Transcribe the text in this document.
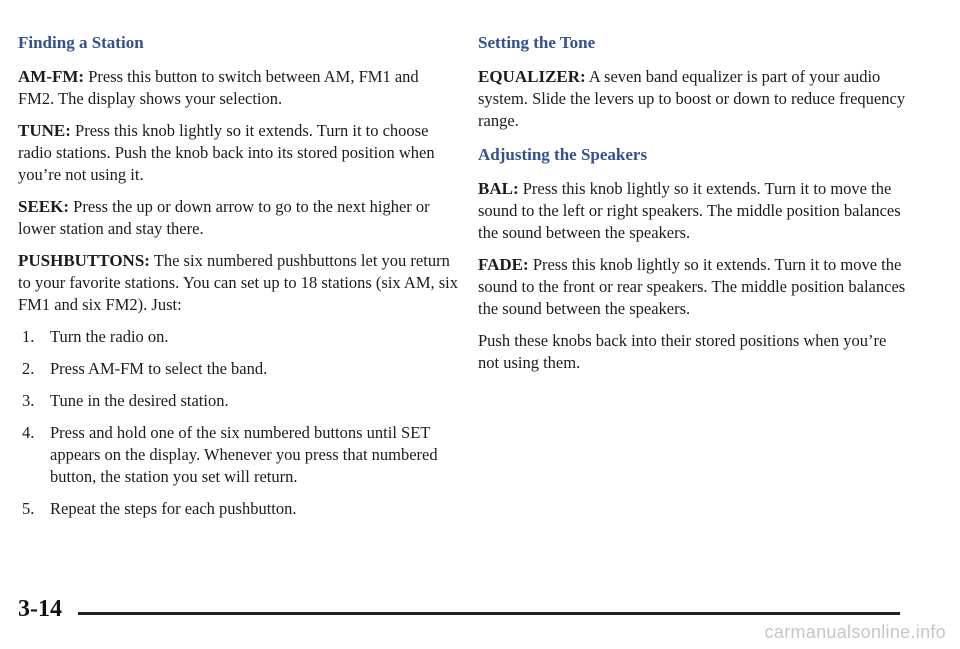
Finding a Station

AM-FM: Press this button to switch between AM, FM1 and FM2. The display shows your selection.

TUNE: Press this knob lightly so it extends. Turn it to choose radio stations. Push the knob back into its stored position when you’re not using it.

SEEK: Press the up or down arrow to go to the next higher or lower station and stay there.

PUSHBUTTONS: The six numbered pushbuttons let you return to your favorite stations. You can set up to 18 stations (six AM, six FM1 and six FM2). Just:

1. Turn the radio on.
2. Press AM-FM to select the band.
3. Tune in the desired station.
4. Press and hold one of the six numbered buttons until SET appears on the display. Whenever you press that numbered button, the station you set will return.
5. Repeat the steps for each pushbutton.
Setting the Tone

EQUALIZER: A seven band equalizer is part of your audio system. Slide the levers up to boost or down to reduce frequency range.

Adjusting the Speakers

BAL: Press this knob lightly so it extends. Turn it to move the sound to the left or right speakers. The middle position balances the sound between the speakers.

FADE: Press this knob lightly so it extends. Turn it to move the sound to the front or rear speakers. The middle position balances the sound between the speakers.

Push these knobs back into their stored positions when you’re not using them.

3-14
carmanualsonline.info
